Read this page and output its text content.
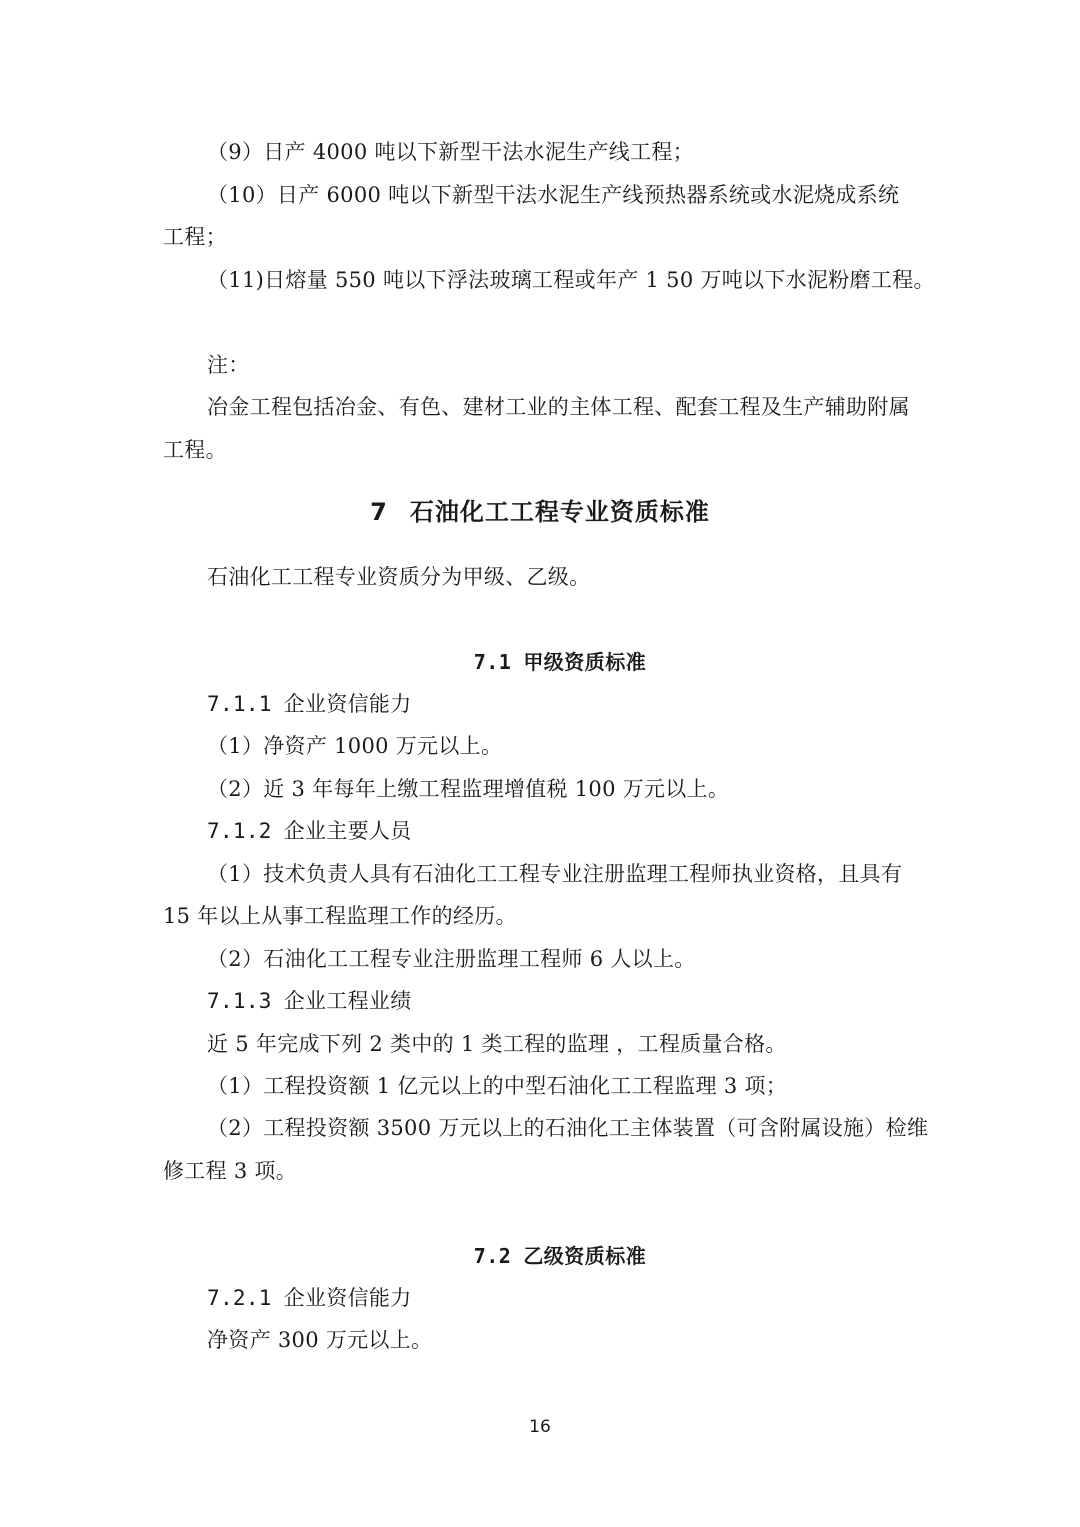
（9）日产 4000 吨以下新型干法水泥生产线工程；
（10）日产 6000 吨以下新型干法水泥生产线预热器系统或水泥烧成系统
工程；
（11)日熔量 550 吨以下浮法玻璃工程或年产 1 50 万吨以下水泥粉磨工程。
注：
冶金工程包括冶金、有色、建材工业的主体工程、配套工程及生产辅助附属
工程。
7 石油化工工程专业资质标准
石油化工工程专业资质分为甲级、乙级。
7.1 甲级资质标准
7.1.1 企业资信能力
（1）净资产 1000 万元以上。
（2）近 3 年每年上缴工程监理增值税 100 万元以上。
7.1.2 企业主要人员
（1）技术负责人具有石油化工工程专业注册监理工程师执业资格，且具有
15 年以上从事工程监理工作的经历。
（2）石油化工工程专业注册监理工程师 6 人以上。
7.1.3 企业工程业绩
近 5 年完成下列 2 类中的 1 类工程的监理 ，工程质量合格。
（1）工程投资额 1 亿元以上的中型石油化工工程监理 3 项；
（2）工程投资额 3500 万元以上的石油化工主体装置（可含附属设施）检维
修工程 3 项。
7.2 乙级资质标准
7.2.1 企业资信能力
净资产 300 万元以上。
16
